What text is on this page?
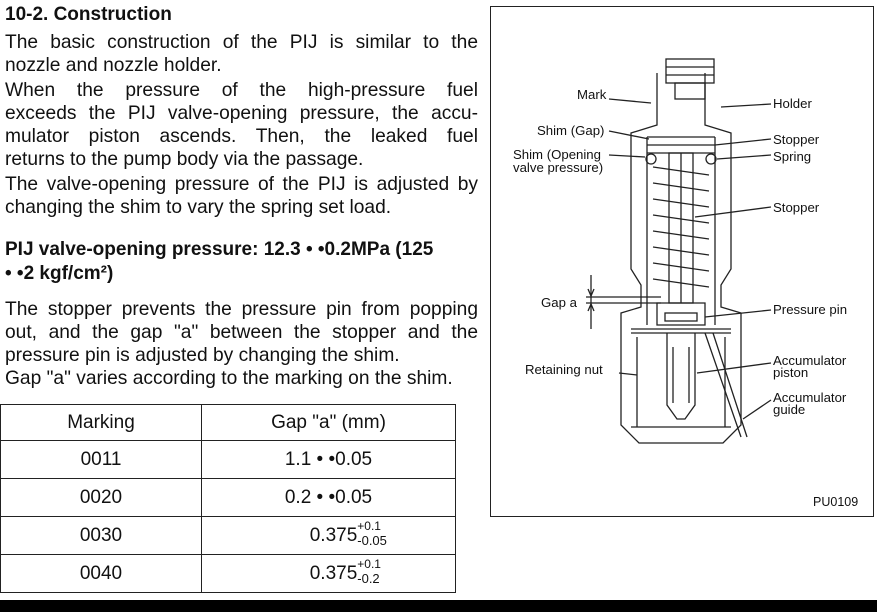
10-2. Construction
The basic construction of the PIJ is similar to the
nozzle and nozzle holder.
When the pressure of the high-pressure fuel
exceeds the PIJ valve-opening pressure, the accu-
mulator piston ascends. Then, the leaked fuel
returns to the pump body via the passage.
The valve-opening pressure of the PIJ is adjusted by
changing the shim to vary the spring set load.
PIJ valve-opening pressure: 12.3 • •0.2MPa (125
• •2 kgf/cm²)
The stopper prevents the pressure pin from popping
out, and the gap "a" between the stopper and the
pressure pin is adjusted by changing the shim.
Gap "a" varies according to the marking on the shim.
Marking	Gap "a" (mm)
0011	1.1 • •0.05
0020	0.2 • •0.05
0030	0.375 +0.1
-0.05

0040	0.375 +0.1
-0.2
Mark
Shim (Gap)
Shim (Opening
valve pressure)
Gap a
Retaining nut
Holder
Stopper
Spring
Stopper
Pressure pin
Accumulator
piston
Accumulator
guide
PU0109
